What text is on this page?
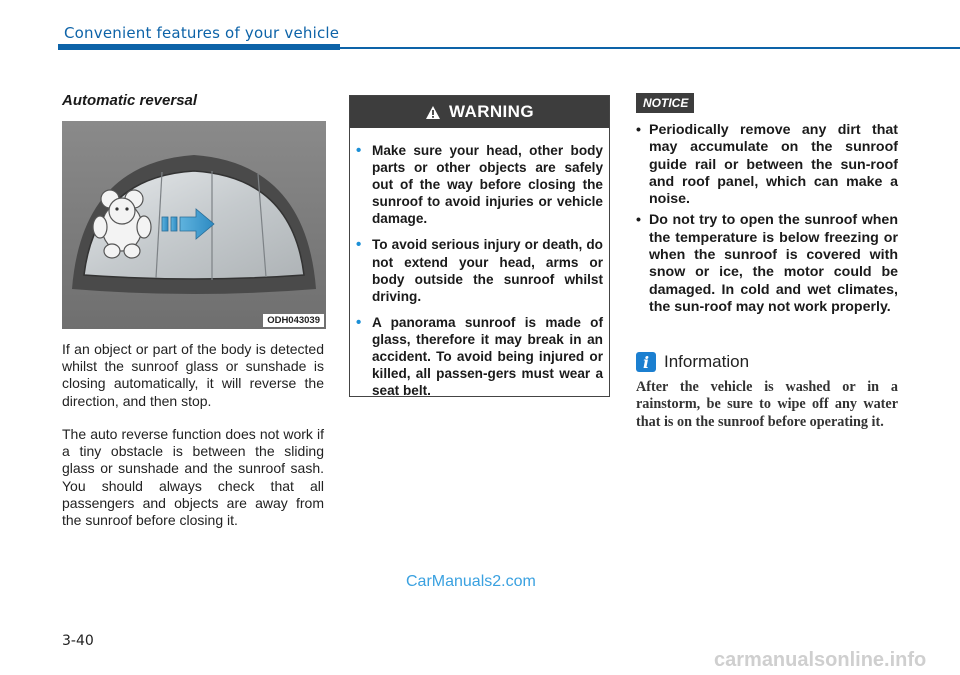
Convenient features of your vehicle
Automatic reversal
ODH043039
If an object or part of the body is detected whilst the sunroof glass or sunshade is closing automatically, it will reverse the direction, and then stop.
The auto reverse function does not work if a tiny obstacle is between the sliding glass or sunshade and the sunroof sash. You should always check that all passengers and objects are away from the sunroof before closing it.
WARNING
• Make sure your head, other body parts or other objects are safely out of the way before closing the sunroof to avoid injuries or vehicle damage.
• To avoid serious injury or death, do not extend your head, arms or body outside the sunroof whilst driving.
• A panorama sunroof is made of glass, therefore it may break in an accident. To avoid being injured or killed, all passen-gers must wear a seat belt.
NOTICE
• Periodically remove any dirt that may accumulate on the sunroof guide rail or between the sun-roof and roof panel, which can make a noise.
• Do not try to open the sunroof when the temperature is below freezing or when the sunroof is covered with snow or ice, the motor could be damaged. In cold and wet climates, the sun-roof may not work properly.
i Information
After the vehicle is washed or in a rainstorm, be sure to wipe off any water that is on the sunroof before operating it.
CarManuals2.com
3-40
carmanualsonline.info
